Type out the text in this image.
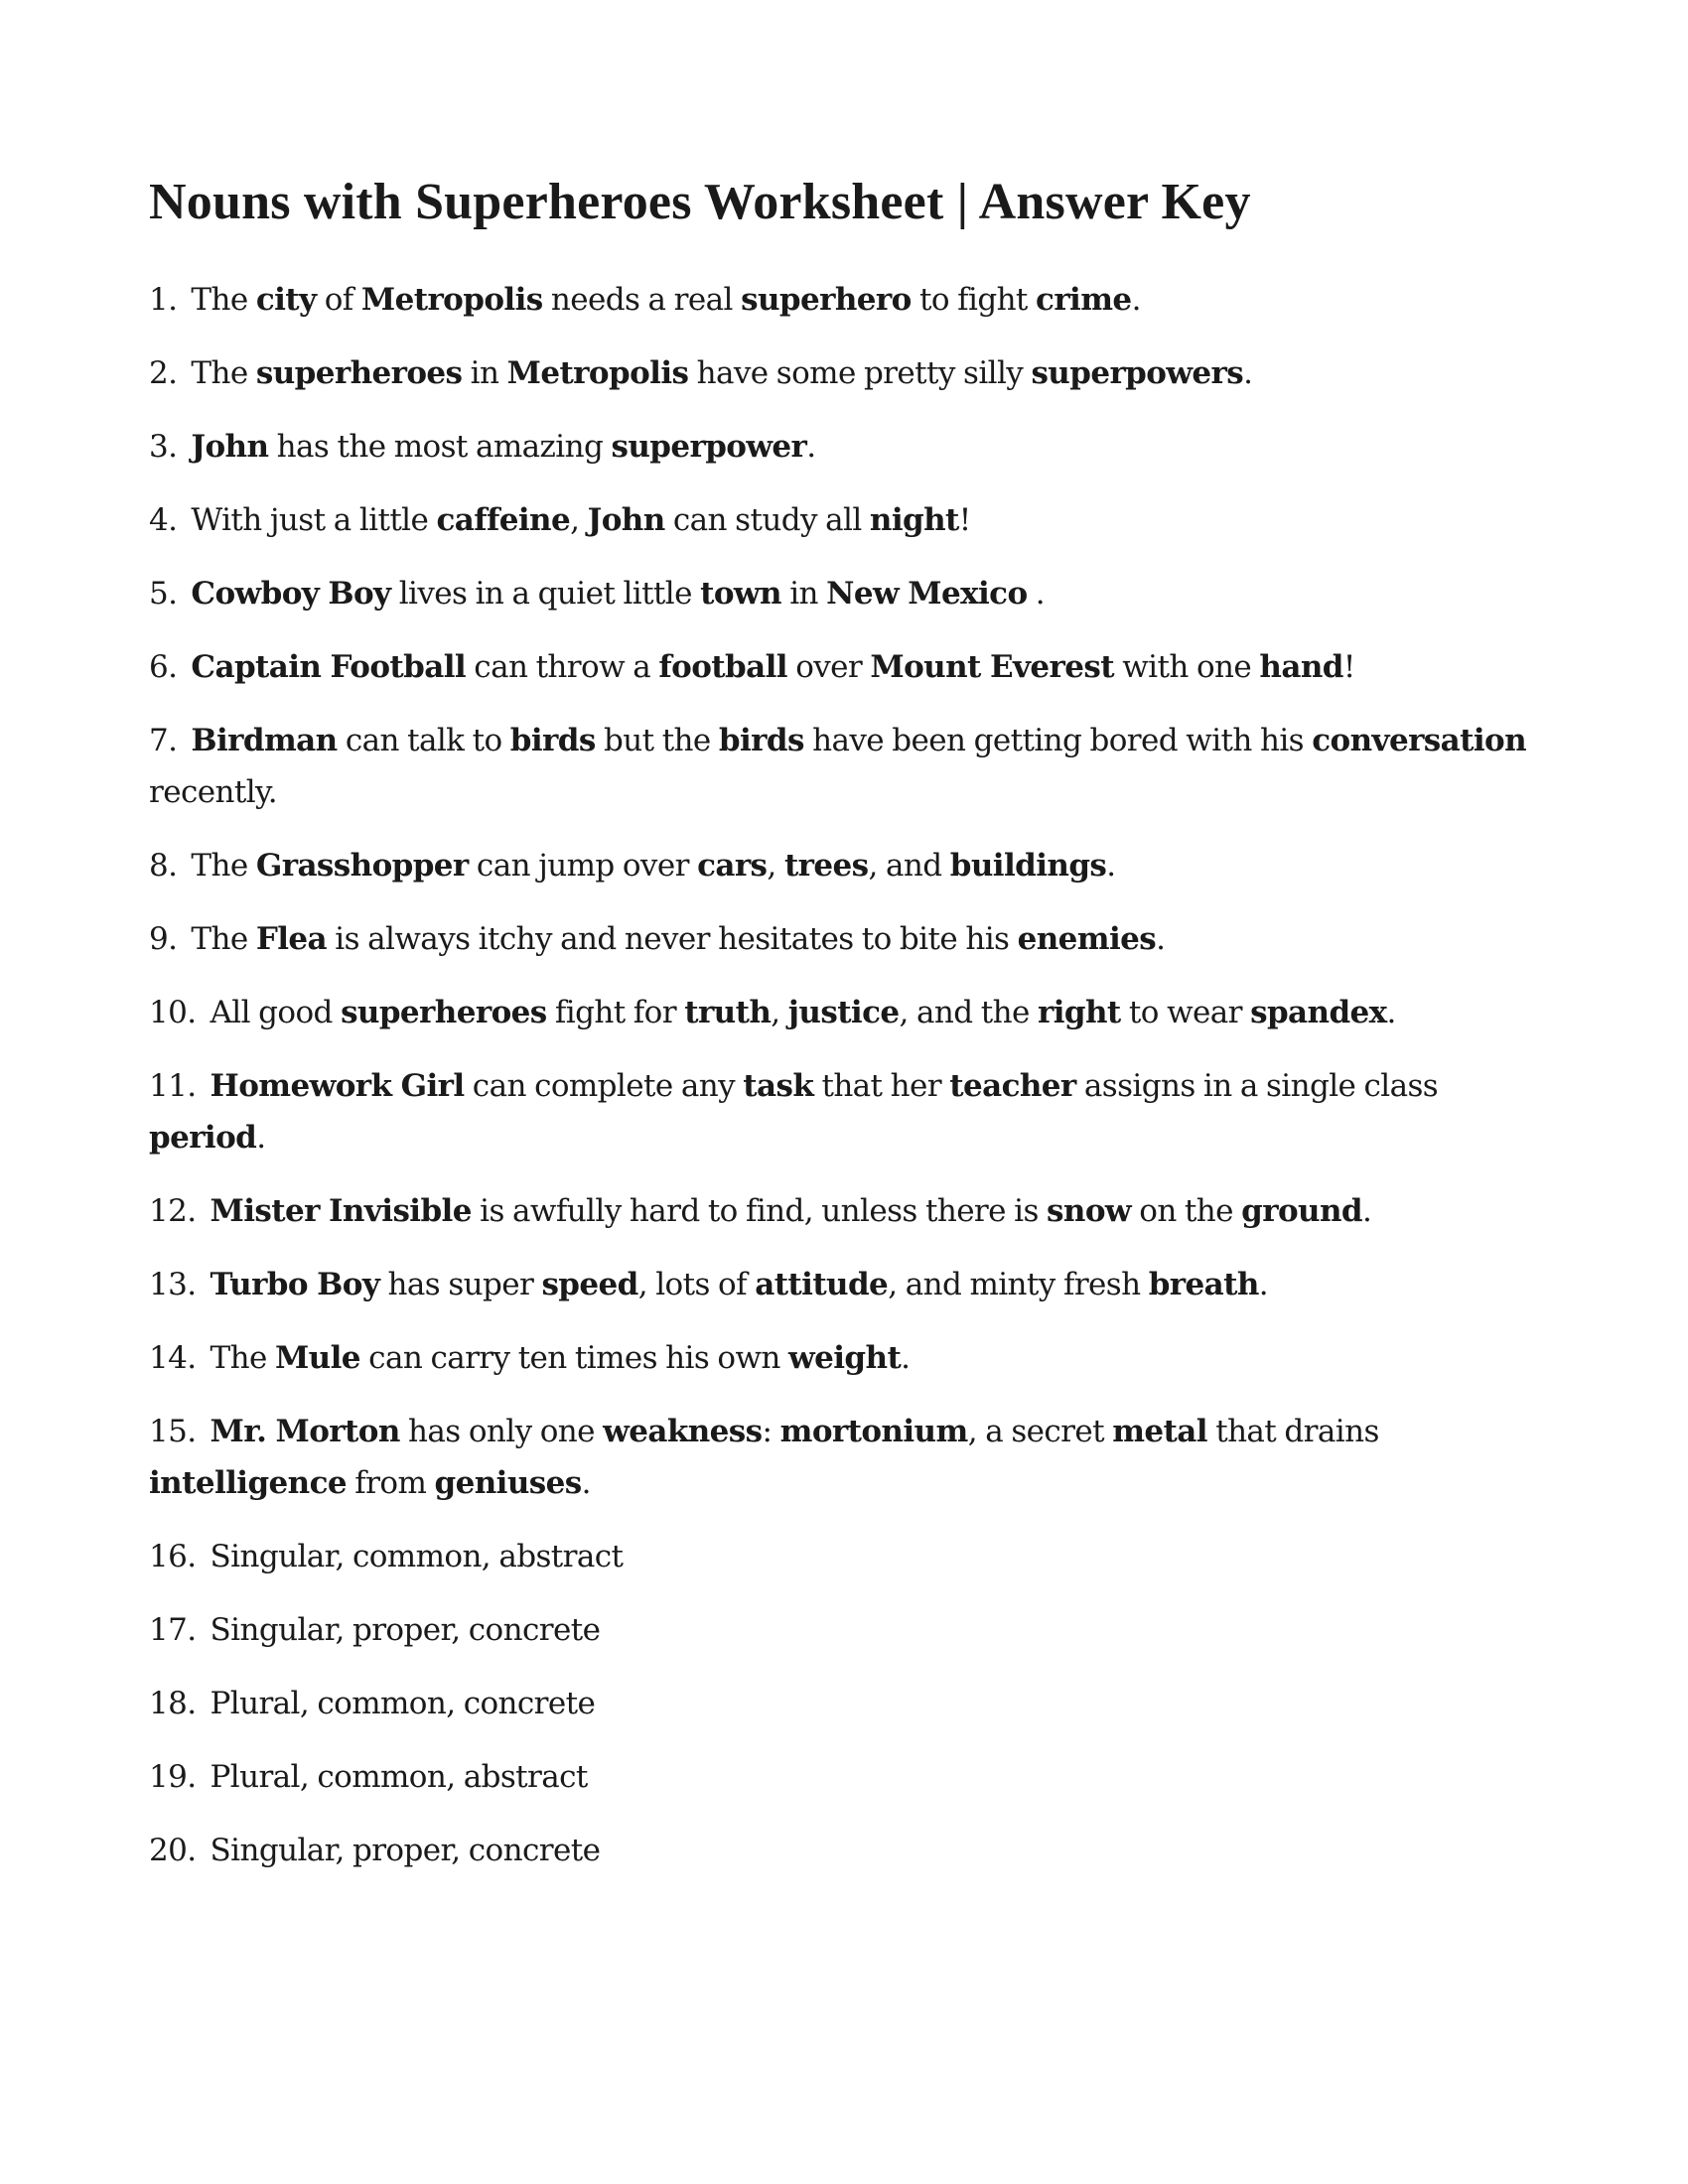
Nouns with Superheroes Worksheet | Answer Key
1. The city of Metropolis needs a real superhero to fight crime.
2. The superheroes in Metropolis have some pretty silly superpowers.
3. John has the most amazing superpower.
4. With just a little caffeine, John can study all night!
5. Cowboy Boy lives in a quiet little town in New Mexico .
6. Captain Football can throw a football over Mount Everest with one hand!
7. Birdman can talk to birds but the birds have been getting bored with his conversation recently.
8. The Grasshopper can jump over cars, trees, and buildings.
9. The Flea is always itchy and never hesitates to bite his enemies.
10. All good superheroes fight for truth, justice, and the right to wear spandex.
11. Homework Girl can complete any task that her teacher assigns in a single class period.
12. Mister Invisible is awfully hard to find, unless there is snow on the ground.
13. Turbo Boy has super speed, lots of attitude, and minty fresh breath.
14. The Mule can carry ten times his own weight.
15. Mr. Morton has only one weakness: mortonium, a secret metal that drains intelligence from geniuses.
16. Singular, common, abstract
17. Singular, proper, concrete
18. Plural, common, concrete
19. Plural, common, abstract
20. Singular, proper, concrete
